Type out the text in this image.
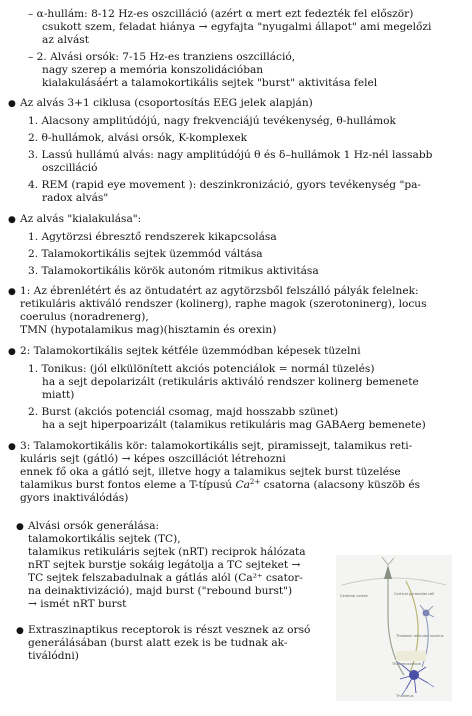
– α-hullám: 8-12 Hz-es oszcilláció (azért α mert ezt fedezték fel először)
csukott szem, feladat hiánya → egyfajta "nyugalmi állapot" ami megelőzi
az alvást
– 2. Alvási orsók: 7-15 Hz-es tranziens oszcilláció,
nagy szerep a memória konszolidációban
kialakulásáért a talamokortikális sejtek "burst" aktivitása felel
Az alvás 3+1 ciklusa (csoportosítás EEG jelek alapján)
1. Alacsony amplitúdójú, nagy frekvenciájú tevékenység, θ-hullámok
2. θ-hullámok, alvási orsók, K-komplexek
3. Lassú hullámú alvás: nagy amplitúdójú θ és δ–hullámok 1 Hz-nél lassabb
oszcilláció
4. REM (rapid eye movement ): deszinkronizáció, gyors tevékenység "pa-
radox alvás"
Az alvás "kialakulása":
1. Agytörzsi ébresztő rendszerek kikapcsolása
2. Talamokortikális sejtek üzemmód váltása
3. Talamokortikális körök autonóm ritmikus aktivitása
1: Az ébrenlétért és az öntudatért az agytörzsből felszálló pályák felelnek:
retikuláris aktiváló rendszer (kolinerg), raphe magok (szerotoninerg), locus
coerulus (noradrenerg),
TMN (hypotalamikus mag)(hisztamin és orexin)
2: Talamokortikális sejtek kétféle üzemmódban képesek tüzelni
1. Tonikus: (jól elkülönített akciós potenciálok = normál tüzelés)
ha a sejt depolarizált (retikuláris aktiváló rendszer kolinerg bemenete
miatt)
2. Burst (akciós potenciál csomag, majd hosszabb szünet)
ha a sejt hiperpoarizált (talamikus retikuláris mag GABAerg bemenete)
3: Talamokortikális kör: talamokortikális sejt, piramissejt, talamikus reti-
kuláris sejt (gátló) → képes oszcillációt létrehozni
ennek fő oka a gátló sejt, illetve hogy a talamikus sejtek burst tüzelése
gyors inaktiválódás)
Alvási orsók generálása:
talamokortikális sejtek (TC),
talamikus retikuláris sejtek (nRT) reciprok hálózata
nRT sejtek burstje sokáig legátolja a TC sejteket →
TC sejtek felszabadulnak a gátlás alól (Ca²⁺ csator-
na deinaktivizáció), majd burst ("rebound burst")
→ ismét nRT burst
Extraszinaptikus receptorok is részt vesznek az orsó
generálásában (burst alatt ezek is be tudnak ak-
tiválódni)
●
●
●
●
●
●
●
talamikus burst fontos eleme a T-típusú $Ca^{2+}$ csatorna (alacsony küszöb és
Cerebral cortex	Cortical pyramidal cell
Thalamic reticular nucleus
Thalamocortical
Thalamus
